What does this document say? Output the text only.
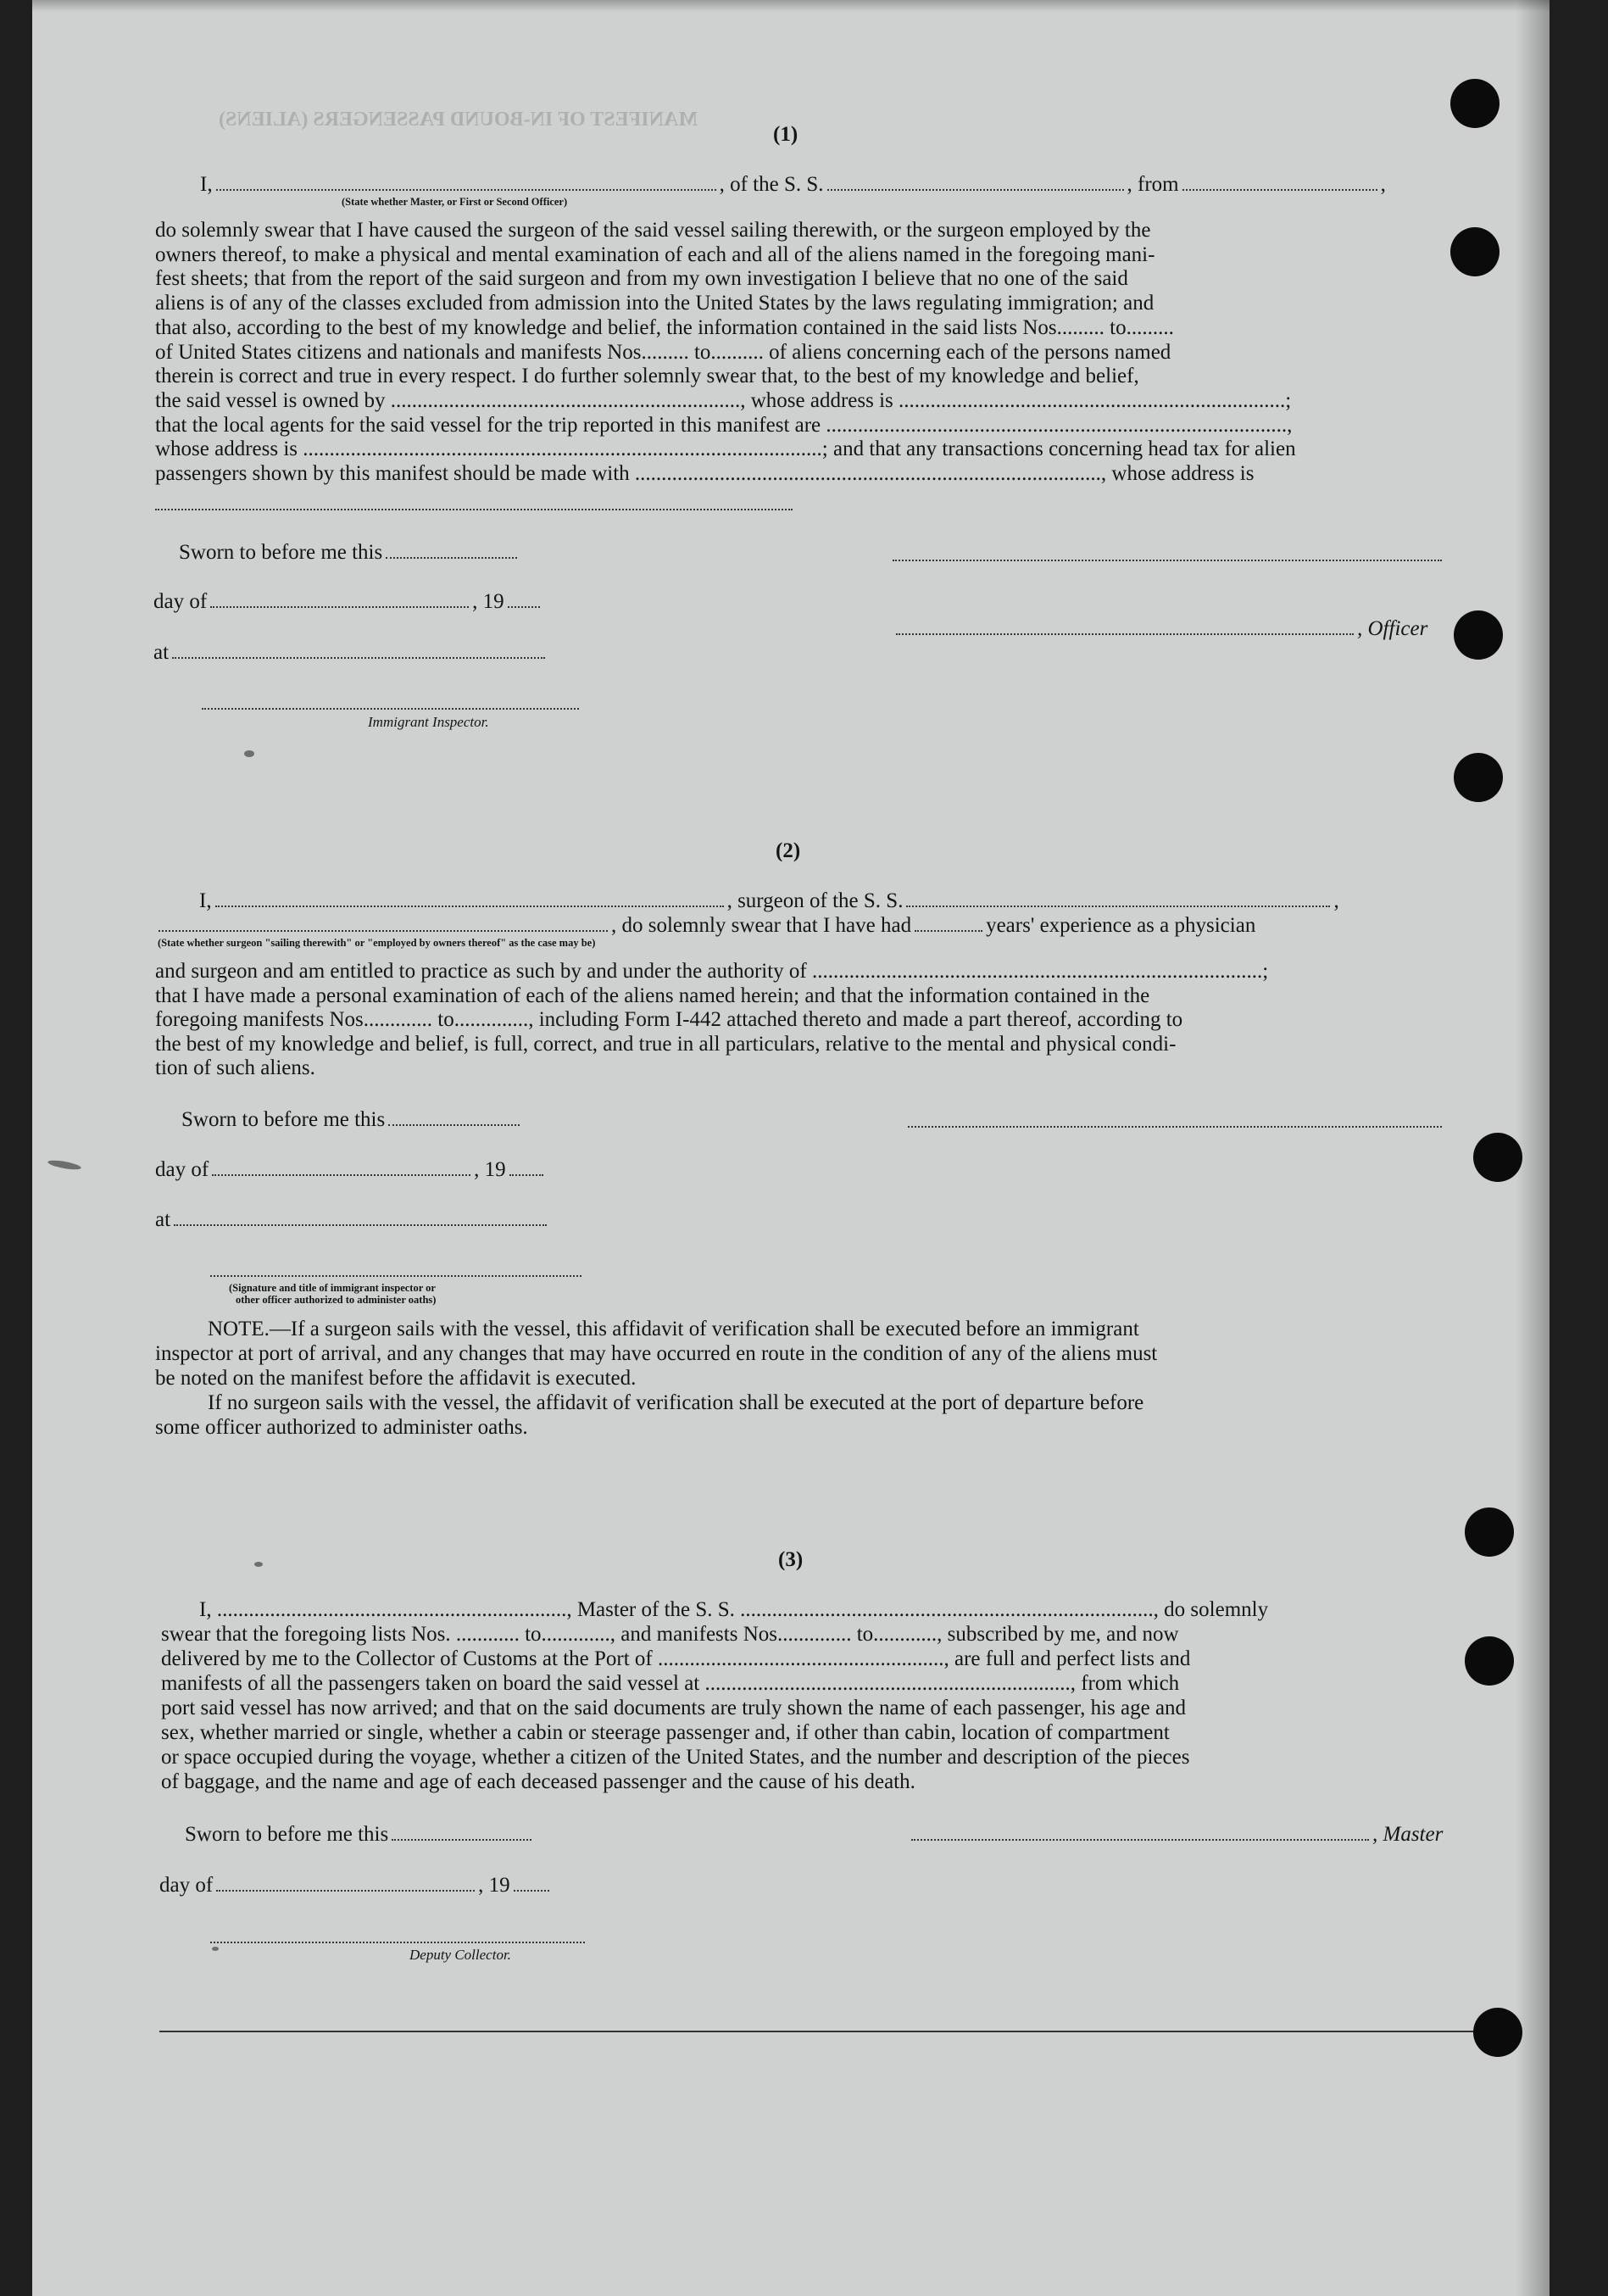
MANIFEST OF IN-BOUND PASSENGERS (ALIENS)
(1)
I,	, of the S. S.	, from	,
(State whether Master, or First or Second Officer)

do solemnly swear that I have caused the surgeon of the said vessel sailing therewith, or the surgeon employed by the

owners thereof, to make a physical and mental examination of each and all of the aliens named in the foregoing mani-

fest sheets; that from the report of the said surgeon and from my own investigation I believe that no one of the said

aliens is of any of the classes excluded from admission into the United States by the laws regulating immigration; and

that also, according to the best of my knowledge and belief, the information contained in the said lists Nos......... to.........

of United States citizens and nationals and manifests Nos......... to.......... of aliens concerning each of the persons named

therein is correct and true in every respect. I do further solemnly swear that, to the best of my knowledge and belief,

the said vessel is owned by .................................................................., whose address is .........................................................................;

that the local agents for the said vessel for the trip reported in this manifest are .......................................................................................,

whose address is ..................................................................................................; and that any transactions concerning head tax for alien

passengers shown by this manifest should be made with ........................................................................................, whose address is

Sworn to before me this
day of	, 19
, Officer
at
Immigrant Inspector.
(2)
I,	, surgeon of the S. S.	,
, do solemnly swear that I have had	years' experience as a physician
(State whether surgeon "sailing therewith" or "employed by owners thereof" as the case may be)

and surgeon and am entitled to practice as such by and under the authority of .....................................................................................;

that I have made a personal examination of each of the aliens named herein; and that the information contained in the

foregoing manifests Nos............. to.............., including Form I-442 attached thereto and made a part thereof, according to

the best of my knowledge and belief, is full, correct, and true in all particulars, relative to the mental and physical condi-

tion of such aliens.

Sworn to before me this
day of	, 19
at
(Signature and title of immigrant inspector or
other officer authorized to administer oaths)
NOTE.—If a surgeon sails with the vessel, this affidavit of verification shall be executed before an immigrant
inspector at port of arrival, and any changes that may have occurred en route in the condition of any of the aliens must
be noted on the manifest before the affidavit is executed.
If no surgeon sails with the vessel, the affidavit of verification shall be executed at the port of departure before
some officer authorized to administer oaths.
(3)

I, .................................................................., Master of the S. S. .............................................................................., do solemnly

swear that the foregoing lists Nos. ............ to............., and manifests Nos.............. to............, subscribed by me, and now

delivered by me to the Collector of Customs at the Port of ......................................................, are full and perfect lists and

manifests of all the passengers taken on board the said vessel at ....................................................................., from which

port said vessel has now arrived; and that on the said documents are truly shown the name of each passenger, his age and

sex, whether married or single, whether a cabin or steerage passenger and, if other than cabin, location of compartment

or space occupied during the voyage, whether a citizen of the United States, and the number and description of the pieces

of baggage, and the name and age of each deceased passenger and the cause of his death.

Sworn to before me this	, Master
day of	, 19
Deputy Collector.
